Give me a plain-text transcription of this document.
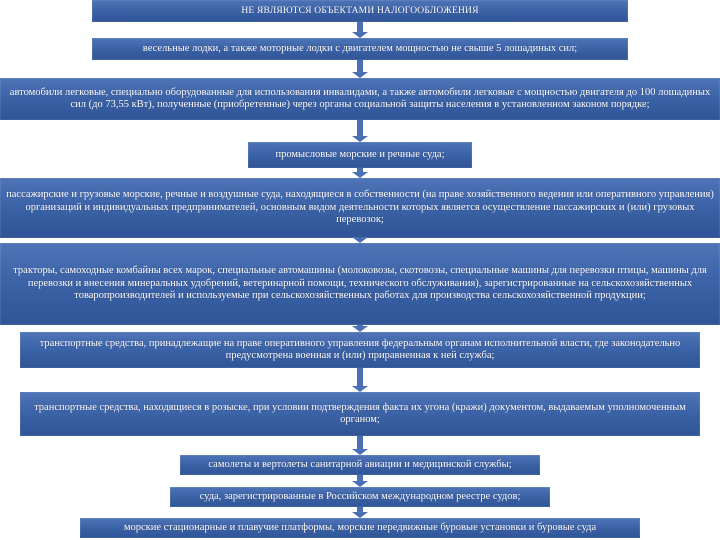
НЕ ЯВЛЯЮТСЯ ОБЪЕКТАМИ НАЛОГООБЛОЖЕНИЯ
весельные лодки, а также моторные лодки с двигателем мощностью не свыше 5 лошадиных сил;
автомобили легковые, специально оборудованные для использования инвалидами, а также автомобили легковые с мощностью двигателя до 100 лошадиных сил (до 73,55 кВт), полученные (приобретенные) через органы социальной защиты населения в установленном законом порядке;
промысловые морские и речные суда;
пассажирские и грузовые морские, речные и воздушные суда, находящиеся в собственности (на праве хозяйственного ведения или оперативного управления) организаций и индивидуальных предпринимателей, основным видом деятельности которых является осуществление пассажирских и (или) грузовых перевозок;
тракторы, самоходные комбайны всех марок, специальные автомашины (молоковозы, скотовозы, специальные машины для перевозки птицы, машины для перевозки и внесения минеральных удобрений, ветеринарной помощи, технического обслуживания), зарегистрированные на сельскохозяйственных товаропроизводителей и используемые при сельскохозяйственных работах для производства сельскохозяйственной продукции;
транспортные средства, принадлежащие на праве оперативного управления федеральным органам исполнительной власти, где законодательно предусмотрена военная и (или) приравненная к ней служба;
транспортные средства, находящиеся в розыске, при условии подтверждения факта их угона (кражи) документом, выдаваемым уполномоченным органом;
самолеты и вертолеты санитарной авиации и медицинской службы;
суда, зарегистрированные в Российском международном реестре судов;
морские стационарные и плавучие платформы, морские передвижные буровые установки и буровые суда
